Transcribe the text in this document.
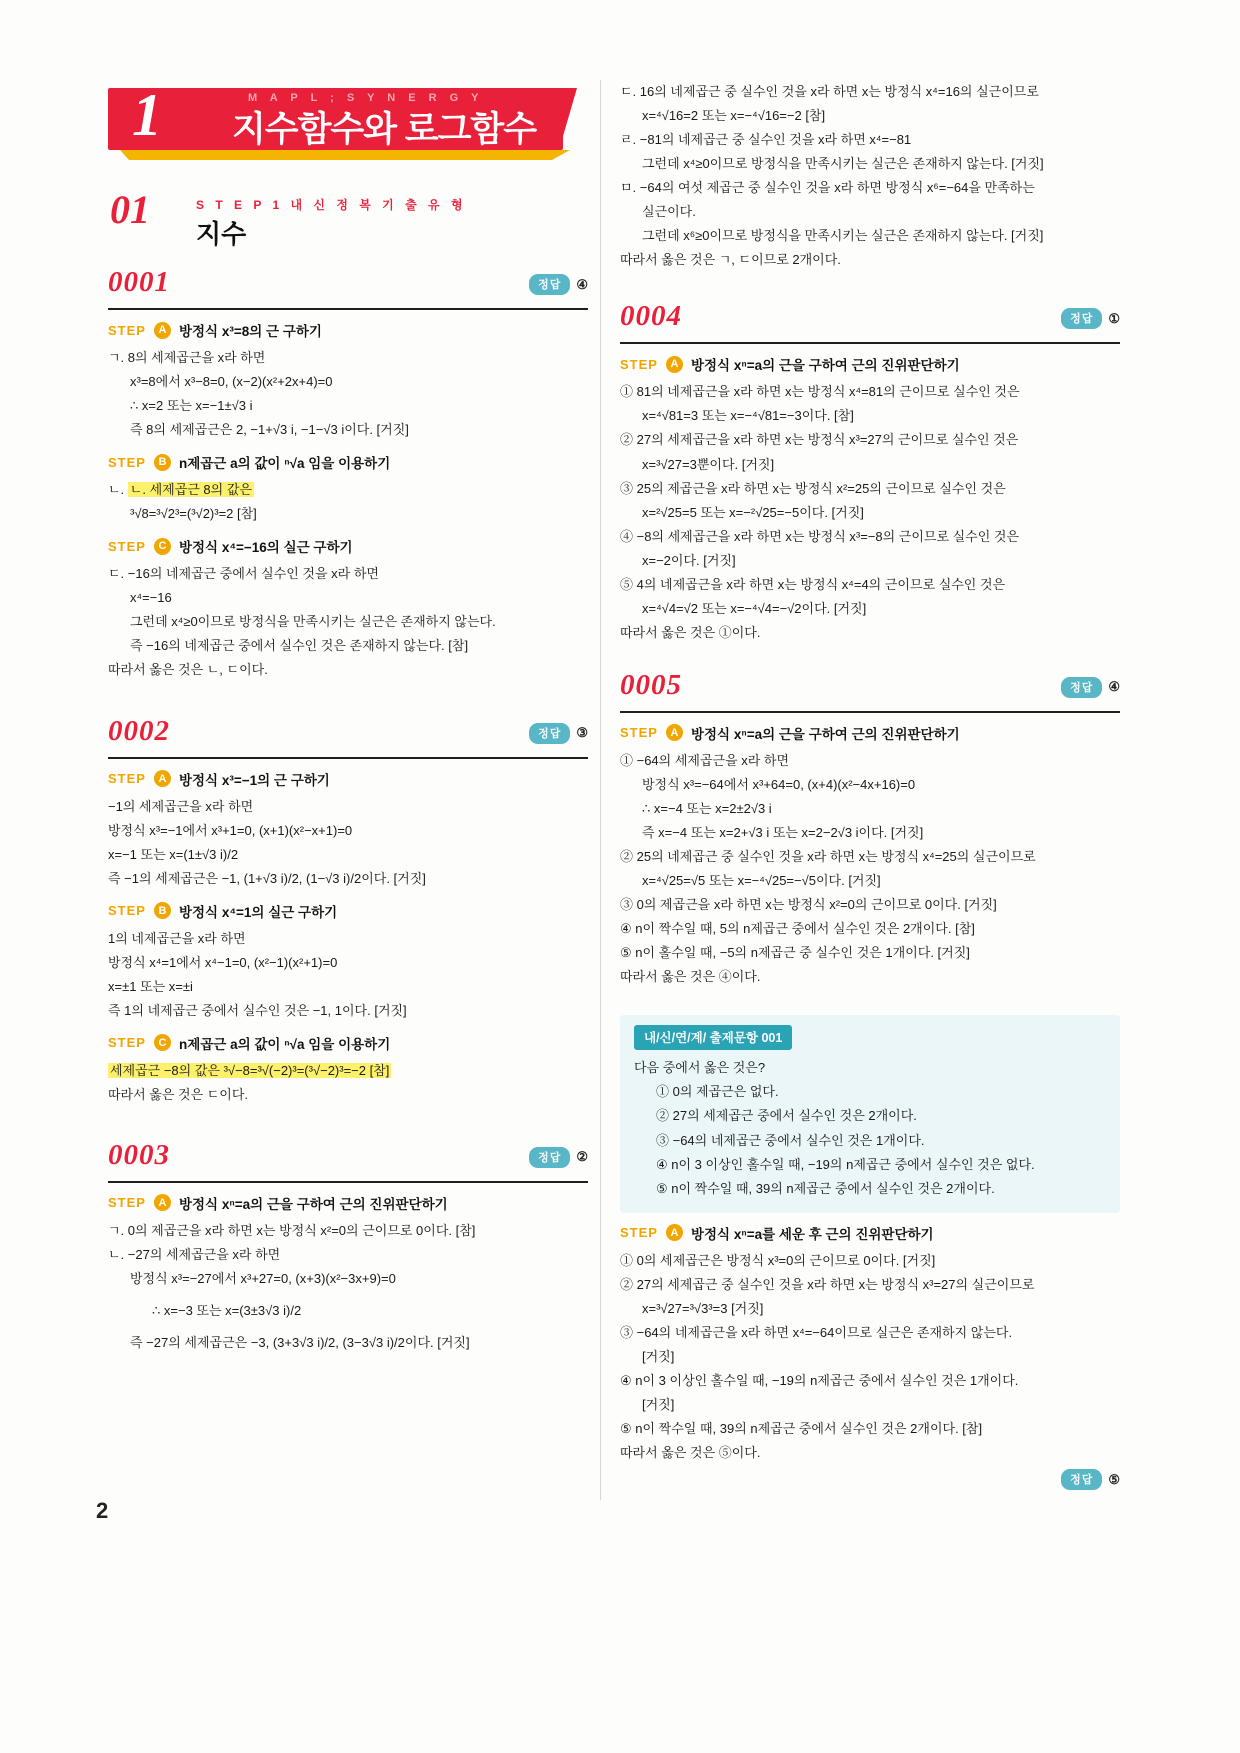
1	M A P L ; S Y N E R G Y
지수함수와 로그함수
01	S T E P 1 내 신 정 복 기 출 유 형
지수
0001	정답	④
STEP	A 방정식 x³=8의 근 구하기
ㄱ. 8의 세제곱근을 x라 하면
x³=8에서 x³−8=0, (x−2)(x²+2x+4)=0
∴ x=2 또는 x=−1±√3 i
즉 8의 세제곱근은 2, −1+√3 i, −1−√3 i이다. [거짓]
STEP	B n제곱근 a의 값이 ⁿ√a 임을 이용하기
ㄴ. ㄴ. 세제곱근 8의 값은
³√8=³√2³=(³√2)³=2 [참]
STEP	C 방정식 x⁴=−16의 실근 구하기
ㄷ. −16의 네제곱근 중에서 실수인 것을 x라 하면
x⁴=−16
그런데 x⁴≥0이므로 방정식을 만족시키는 실근은 존재하지 않는다.
즉 −16의 네제곱근 중에서 실수인 것은 존재하지 않는다. [참]
따라서 옳은 것은 ㄴ, ㄷ이다.
0002	정답	③
STEP	A 방정식 x³=−1의 근 구하기
−1의 세제곱근을 x라 하면
방정식 x³=−1에서 x³+1=0, (x+1)(x²−x+1)=0
x=−1 또는 x=(1±√3 i)/2
즉 −1의 세제곱근은 −1, (1+√3 i)/2, (1−√3 i)/2이다. [거짓]
STEP	B 방정식 x⁴=1의 실근 구하기
1의 네제곱근을 x라 하면
방정식 x⁴=1에서 x⁴−1=0, (x²−1)(x²+1)=0
x=±1 또는 x=±i
즉 1의 네제곱근 중에서 실수인 것은 −1, 1이다. [거짓]
STEP	C n제곱근 a의 값이 ⁿ√a 임을 이용하기
세제곱근 −8의 값은 ³√−8=³√(−2)³=(³√−2)³=−2 [참]
따라서 옳은 것은 ㄷ이다.
0003	정답	②
STEP	A 방정식 xⁿ=a의 근을 구하여 근의 진위판단하기
ㄱ. 0의 제곱근을 x라 하면 x는 방정식 x²=0의 근이므로 0이다. [참]
ㄴ. −27의 세제곱근을 x라 하면
방정식 x³=−27에서 x³+27=0, (x+3)(x²−3x+9)=0
∴ x=−3 또는 x=(3±3√3 i)/2
즉 −27의 세제곱근은 −3, (3+3√3 i)/2, (3−3√3 i)/2이다. [거짓]
ㄷ. 16의 네제곱근 중 실수인 것을 x라 하면 x는 방정식 x⁴=16의 실근이므로
x=⁴√16=2 또는 x=−⁴√16=−2 [참]
ㄹ. −81의 네제곱근 중 실수인 것을 x라 하면 x⁴=−81
그런데 x⁴≥0이므로 방정식을 만족시키는 실근은 존재하지 않는다. [거짓]
ㅁ. −64의 여섯 제곱근 중 실수인 것을 x라 하면 방정식 x⁶=−64을 만족하는
실근이다.
그런데 x⁶≥0이므로 방정식을 만족시키는 실근은 존재하지 않는다. [거짓]
따라서 옳은 것은 ㄱ, ㄷ이므로 2개이다.
0004	정답	①
STEP	A 방정식 xⁿ=a의 근을 구하여 근의 진위판단하기
① 81의 네제곱근을 x라 하면 x는 방정식 x⁴=81의 근이므로 실수인 것은
x=⁴√81=3 또는 x=−⁴√81=−3이다. [참]
② 27의 세제곱근을 x라 하면 x는 방정식 x³=27의 근이므로 실수인 것은
x=³√27=3뿐이다. [거짓]
③ 25의 제곱근을 x라 하면 x는 방정식 x²=25의 근이므로 실수인 것은
x=²√25=5 또는 x=−²√25=−5이다. [거짓]
④ −8의 세제곱근을 x라 하면 x는 방정식 x³=−8의 근이므로 실수인 것은
x=−2이다. [거짓]
⑤ 4의 네제곱근을 x라 하면 x는 방정식 x⁴=4의 근이므로 실수인 것은
x=⁴√4=√2 또는 x=−⁴√4=−√2이다. [거짓]
따라서 옳은 것은 ①이다.
0005	정답	④
STEP	A 방정식 xⁿ=a의 근을 구하여 근의 진위판단하기
① −64의 세제곱근을 x라 하면
방정식 x³=−64에서 x³+64=0, (x+4)(x²−4x+16)=0
∴ x=−4 또는 x=2±2√3 i
즉 x=−4 또는 x=2+√3 i 또는 x=2−2√3 i이다. [거짓]
② 25의 네제곱근 중 실수인 것을 x라 하면 x는 방정식 x⁴=25의 실근이므로
x=⁴√25=√5 또는 x=−⁴√25=−√5이다. [거짓]
③ 0의 제곱근을 x라 하면 x는 방정식 x²=0의 근이므로 0이다. [거짓]
④ n이 짝수일 때, 5의 n제곱근 중에서 실수인 것은 2개이다. [참]
⑤ n이 홀수일 때, −5의 n제곱근 중 실수인 것은 1개이다. [거짓]
따라서 옳은 것은 ④이다.
내/신/연/계/ 출제문항 001
다음 중에서 옳은 것은?
① 0의 제곱근은 없다.
② 27의 세제곱근 중에서 실수인 것은 2개이다.
③ −64의 네제곱근 중에서 실수인 것은 1개이다.
④ n이 3 이상인 홀수일 때, −19의 n제곱근 중에서 실수인 것은 없다.
⑤ n이 짝수일 때, 39의 n제곱근 중에서 실수인 것은 2개이다.
STEP	A 방정식 xⁿ=a를 세운 후 근의 진위판단하기
① 0의 세제곱근은 방정식 x³=0의 근이므로 0이다. [거짓]
② 27의 세제곱근 중 실수인 것을 x라 하면 x는 방정식 x³=27의 실근이므로
x=³√27=³√3³=3 [거짓]
③ −64의 네제곱근을 x라 하면 x⁴=−64이므로 실근은 존재하지 않는다.
[거짓]
④ n이 3 이상인 홀수일 때, −19의 n제곱근 중에서 실수인 것은 1개이다.
[거짓]
⑤ n이 짝수일 때, 39의 n제곱근 중에서 실수인 것은 2개이다. [참]
따라서 옳은 것은 ⑤이다.
정답	⑤
2
